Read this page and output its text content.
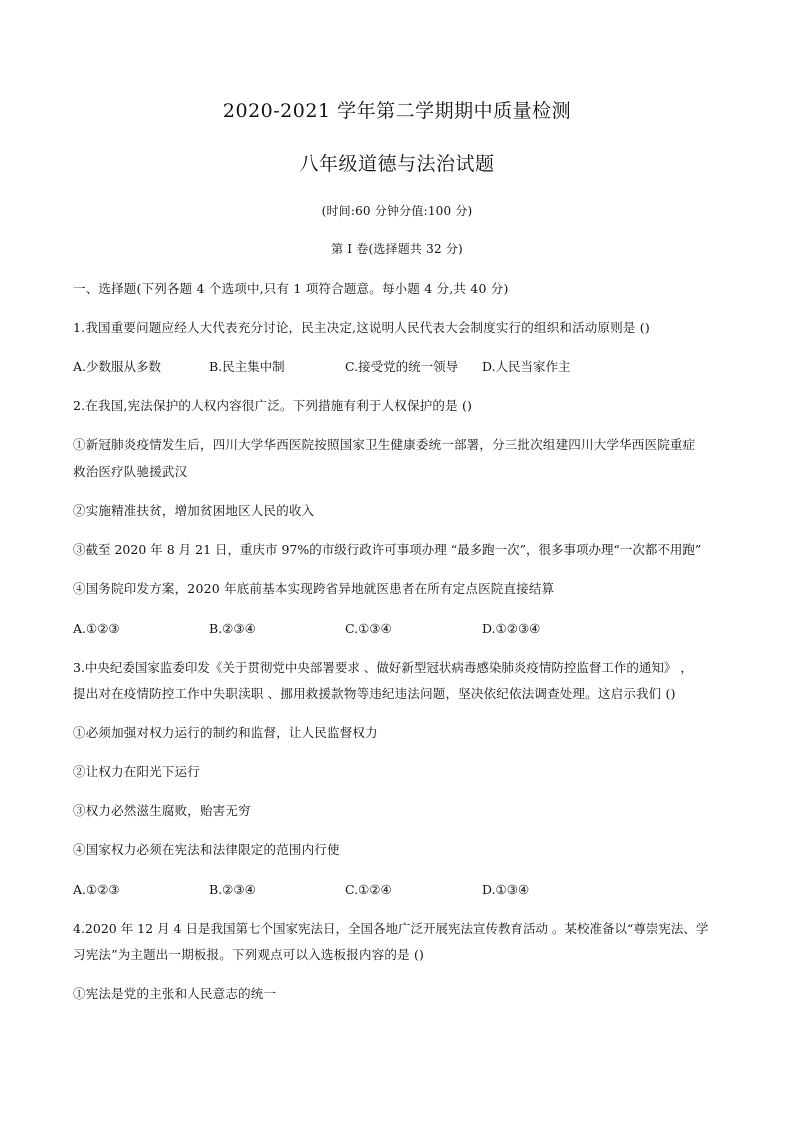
2020-2021 学年第二学期期中质量检测
八年级道德与法治试题
(时间:60 分钟分值:100 分)
第 I 卷(选择题共 32 分)
一、选择题(下列各题 4 个选项中,只有 1 项符合题意。每小题 4 分,共 40 分)
1.我国重要问题应经人大代表充分讨论，民主决定,这说明人民代表大会制度实行的组织和活动原则是 ()
A.少数服从多数	B.民主集中制	C.接受党的统一领导 D.人民当家作主
2.在我国,宪法保护的人权内容很广泛。下列措施有利于人权保护的是 ()
①新冠肺炎疫情发生后，四川大学华西医院按照国家卫生健康委统一部署，分三批次组建四川大学华西医院重症
救治医疗队驰援武汉
②实施精准扶贫，增加贫困地区人民的收入
③截至 2020 年 8 月 21 日，重庆市 97%的市级行政许可事项办理 “最多跑一次”，很多事项办理“一次都不用跑”
④国务院印发方案，2020 年底前基本实现跨省异地就医患者在所有定点医院直接结算
A.①②③	B.②③④	C.①③④	D.①②③④
3.中央纪委国家监委印发《关于贯彻党中央部署要求 、做好新型冠状病毒感染肺炎疫情防控监督工作的通知》 ，
提出对在疫情防控工作中失职渎职 、挪用救援款物等违纪违法问题，坚决依纪依法调查处理。这启示我们 ()
①必须加强对权力运行的制约和监督，让人民监督权力
②让权力在阳光下运行
③权力必然滋生腐败，贻害无穷
④国家权力必须在宪法和法律限定的范围内行使
A.①②③	B.②③④	C.①②④	D.①③④
4.2020 年 12 月 4 日是我国第七个国家宪法日，全国各地广泛开展宪法宣传教育活动 。某校准备以“尊崇宪法、学
习宪法”为主题出一期板报。下列观点可以入选板报内容的是 ()
①宪法是党的主张和人民意志的统一
